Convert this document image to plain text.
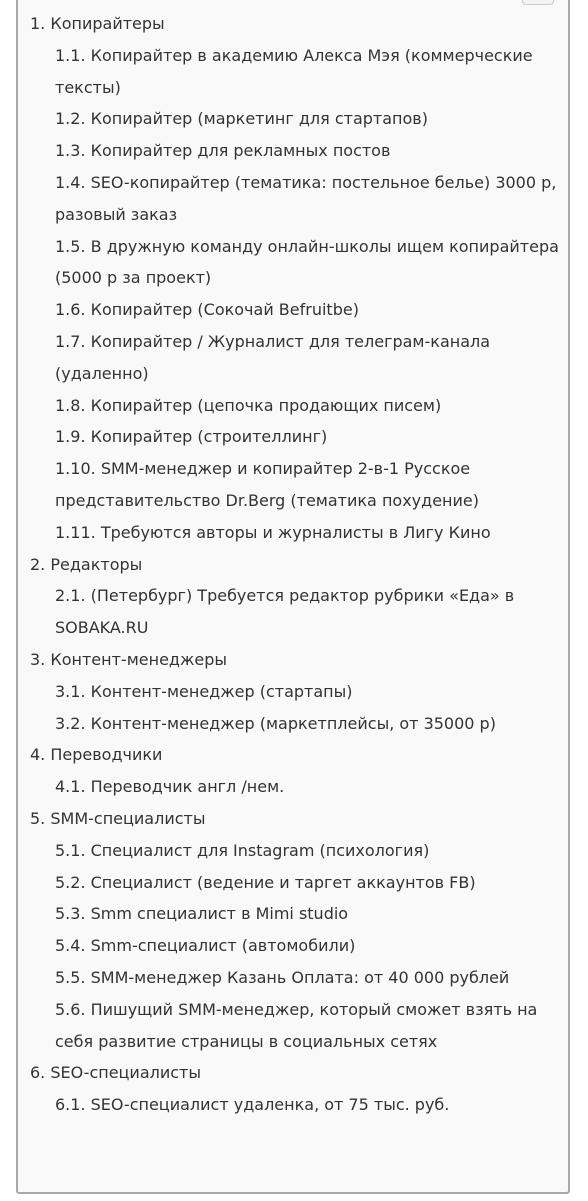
1. Копирайтеры
1.1. Копирайтер в академию Алекса Мэя (коммерческие тексты)
1.2. Копирайтер (маркетинг для стартапов)
1.3. Копирайтер для рекламных постов
1.4. SEO-копирайтер (тематика: постельное белье) 3000 р, разовый заказ
1.5. В дружную команду онлайн-школы ищем копирайтера (5000 р за проект)
1.6. Копирайтер (Сокочай Befruitbe)
1.7. Копирайтер / Журналист для телеграм-канала (удаленно)
1.8. Копирайтер (цепочка продающих писем)
1.9. Копирайтер (строителлинг)
1.10. SMM-менеджер и копирайтер 2-в-1 Русское представительство Dr.Berg (тематика похудение)
1.11. Требуются авторы и журналисты в Лигу Кино
2. Редакторы
2.1. (Петербург) Требуется редактор рубрики «Еда» в SOBAKA.RU
3. Контент-менеджеры
3.1. Контент-менеджер (стартапы)
3.2. Контент-менеджер (маркетплейсы, от 35000 р)
4. Переводчики
4.1. Переводчик англ /нем.
5. SMM-специалисты
5.1. Специалист для Instagram (психология)
5.2. Специалист (ведение и таргет аккаунтов FB)
5.3. Smm специалист в Mimi studio
5.4. Smm-специалист (автомобили)
5.5. SMM-менеджер Казань Оплата: от 40 000 рублей
5.6. Пишущий SMM-менеджер, который сможет взять на себя развитие страницы в социальных сетях
6. SEO-специалисты
6.1. SEO-специалист удаленка, от 75 тыс. руб.
